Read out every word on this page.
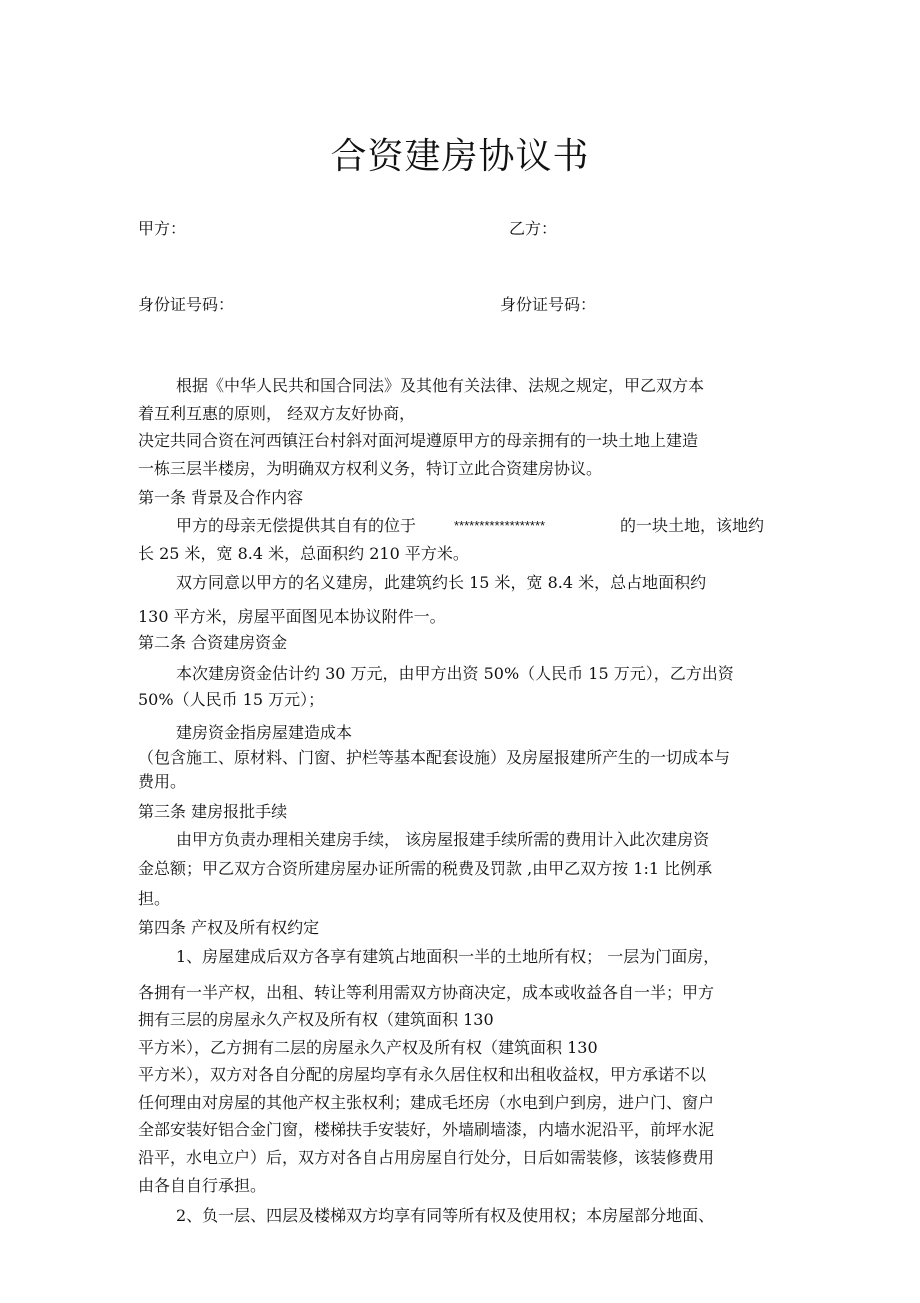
合资建房协议书
甲方：	乙方：
身份证号码：	身份证号码：
根据《中华人民共和国合同法》及其他有关法律、法规之规定，甲乙双方本
着互利互惠的原则， 经双方友好协商，
决定共同合资在河西镇汪台村斜对面河堤遵原甲方的母亲拥有的一块土地上建造
一栋三层半楼房，为明确双方权利义务，特订立此合资建房协议。
第一条 背景及合作内容
甲方的母亲无偿提供其自有的位于	******************	的一块土地，该地约
长 25 米，宽 8.4 米，总面积约 210 平方米。
双方同意以甲方的名义建房，此建筑约长 15 米，宽 8.4 米，总占地面积约
130 平方米，房屋平面图见本协议附件一。
第二条 合资建房资金
本次建房资金估计约 30 万元，由甲方出资 50%（人民币 15 万元），乙方出资
50%（人民币 15 万元）；
建房资金指房屋建造成本
（包含施工、原材料、门窗、护栏等基本配套设施）及房屋报建所产生的一切成本与
费用。
第三条 建房报批手续
由甲方负责办理相关建房手续， 该房屋报建手续所需的费用计入此次建房资
金总额；甲乙双方合资所建房屋办证所需的税费及罚款 ,由甲乙双方按 1:1 比例承
担。
第四条 产权及所有权约定
1、房屋建成后双方各享有建筑占地面积一半的土地所有权； 一层为门面房，
各拥有一半产权，出租、转让等利用需双方协商决定，成本或收益各自一半；甲方
拥有三层的房屋永久产权及所有权（建筑面积 130
平方米），乙方拥有二层的房屋永久产权及所有权（建筑面积 130
平方米），双方对各自分配的房屋均享有永久居住权和出租收益权，甲方承诺不以
任何理由对房屋的其他产权主张权利；建成毛坯房（水电到户到房，进户门、窗户
全部安装好铝合金门窗，楼梯扶手安装好，外墙刷墙漆，内墙水泥沿平，前坪水泥
沿平，水电立户）后，双方对各自占用房屋自行处分，日后如需装修，该装修费用
由各自自行承担。
2、负一层、四层及楼梯双方均享有同等所有权及使用权；本房屋部分地面、
